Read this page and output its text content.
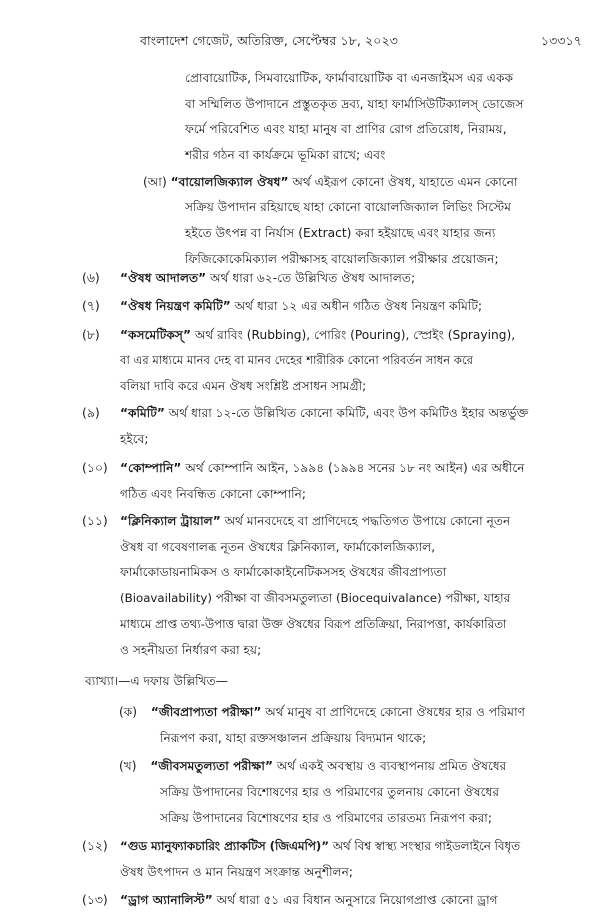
বাংলাদেশ গেজেট, অতিরিক্ত, সেপ্টেম্বর ১৮, ২০২৩	১৩৩১৭
প্রোবায়োটিক, সিমবায়োটিক, ফার্মাবায়োটিক বা এনজাইমস এর একক
বা সম্মিলিত উপাদানে প্রস্তুতকৃত দ্রব্য, যাহা ফার্মাসিউটিক্যালস্ ডোজেস
ফর্মে পরিবেশিত এবং যাহা মানুষ বা প্রাণির রোগ প্রতিরোধ, নিরাময়,
শরীর গঠন বা কার্যক্রমে ভূমিকা রাখে; এবং
(আ) “বায়োলজিক্যাল ঔষধ” অর্থ এইরূপ কোনো ঔষধ, যাহাতে এমন কোনো
সক্রিয় উপাদান রহিয়াছে যাহা কোনো বায়োলজিক্যাল লিভিং সিস্টেম
হইতে উৎপন্ন বা নির্যাস (Extract) করা হইয়াছে এবং যাহার জন্য
ফিজিকোকেমিক্যাল পরীক্ষাসহ বায়োলজিক্যাল পরীক্ষার প্রয়োজন;
(৬) “ঔষধ আদালত” অর্থ ধারা ৬২-তে উল্লিখিত ঔষধ আদালত;
(৭) “ঔষধ নিয়ন্ত্রণ কমিটি” অর্থ ধারা ১২ এর অধীন গঠিত ঔষধ নিয়ন্ত্রণ কমিটি;
(৮) “কসমেটিকস্” অর্থ রাবিং (Rubbing), পোরিং (Pouring), স্প্রেইং (Spraying),
বা এর মাধ্যমে মানব দেহ বা মানব দেহের শারীরিক কোনো পরিবর্তন সাধন করে
বলিয়া দাবি করে এমন ঔষধ সংশ্লিষ্ট প্রসাধন সামগ্রী;
(৯) “কমিটি” অর্থ ধারা ১২-তে উল্লিখিত কোনো কমিটি, এবং উপ কমিটিও ইহার অন্তর্ভুক্ত
হইবে;
(১০) “কোম্পানি” অর্থ কোম্পানি আইন, ১৯৯৪ (১৯৯৪ সনের ১৮ নং আইন) এর অধীনে
গঠিত এবং নিবন্ধিত কোনো কোম্পানি;
(১১) “ক্লিনিক্যাল ট্রায়াল” অর্থ মানবদেহে বা প্রাণিদেহে পদ্ধতিগত উপায়ে কোনো নূতন
ঔষধ বা গবেষণালব্ধ নূতন ঔষধের ক্লিনিক্যাল, ফার্মাকোলজিক্যাল,
ফার্মাকোডায়নামিকস ও ফার্মাকোকাইনেটিকসসহ ঔষধের জীবপ্রাপ্যতা
(Bioavailability) পরীক্ষা বা জীবসমতুল্যতা (Biocequivalance) পরীক্ষা, যাহার
মাধ্যমে প্রাপ্ত তথ্য-উপাত্ত দ্বারা উক্ত ঔষধের বিরূপ প্রতিক্রিয়া, নিরাপত্তা, কার্যকারিতা
ও সহনীয়তা নির্ধারণ করা হয়;
ব্যাখ্যা।—এ দফায় উল্লিখিত—
(ক) “জীবপ্রাপ্যতা পরীক্ষা” অর্থ মানুষ বা প্রাণিদেহে কোনো ঔষধের হার ও পরিমাণ
নিরূপণ করা, যাহা রক্তসঞ্চালন প্রক্রিয়ায় বিদ্যমান থাকে;
(খ) “জীবসমতুল্যতা পরীক্ষা” অর্থ একই অবস্থায় ও ব্যবস্থাপনায় প্রমিত ঔষধের
সক্রিয় উপাদানের বিশোষণের হার ও পরিমাণের তুলনায় কোনো ঔষধের
সক্রিয় উপাদানের বিশোষণের হার ও পরিমাণের তারতম্য নিরূপণ করা;
(১২) “গুড ম্যানুফ্যাকচারিং প্র্যাকটিস (জিএমপি)” অর্থ বিশ্ব স্বাস্থ্য সংস্থার গাইডলাইনে বিধৃত
ঔষধ উৎপাদন ও মান নিয়ন্ত্রণ সংক্রান্ত অনুশীলন;
(১৩) “ড্রাগ অ্যানালিস্ট” অর্থ ধারা ৫১ এর বিধান অনুসারে নিয়োগপ্রাপ্ত কোনো ড্রাগ
